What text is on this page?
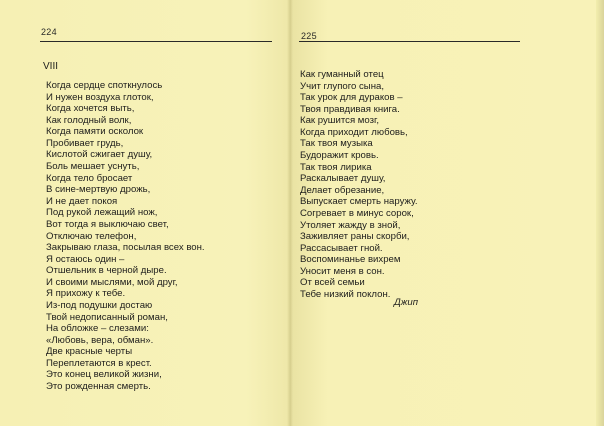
224
VIII
Когда сердце споткнулось
И нужен воздуха глоток,
Когда хочется выть,
Как голодный волк,
Когда памяти осколок
Пробивает грудь,
Кислотой сжигает душу,
Боль мешает уснуть,
Когда тело бросает
В сине-мертвую дрожь,
И не дает покоя
Под рукой лежащий нож,
Вот тогда я выключаю свет,
Отключаю телефон,
Закрываю глаза, посылая всех вон.
Я остаюсь один –
Отшельник в черной дыре.
И своими мыслями, мой друг,
Я прихожу к тебе.
Из-под подушки достаю
Твой недописанный роман,
На обложке – слезами:
«Любовь, вера, обман».
Две красные черты
Переплетаются в крест.
Это конец великой жизни,
Это рожденная смерть.
225
Как гуманный отец
Учит глупого сына,
Так урок для дураков –
Твоя правдивая книга.
Как рушится мозг,
Когда приходит любовь,
Так твоя музыка
Будоражит кровь.
Так твоя лирика
Раскалывает душу,
Делает обрезание,
Выпускает смерть наружу.
Согревает в минус сорок,
Утоляет жажду в зной,
Заживляет раны скорби,
Рассасывает гной.
Воспоминанье вихрем
Уносит меня в сон.
От всей семьи
Тебе низкий поклон.
Джип
